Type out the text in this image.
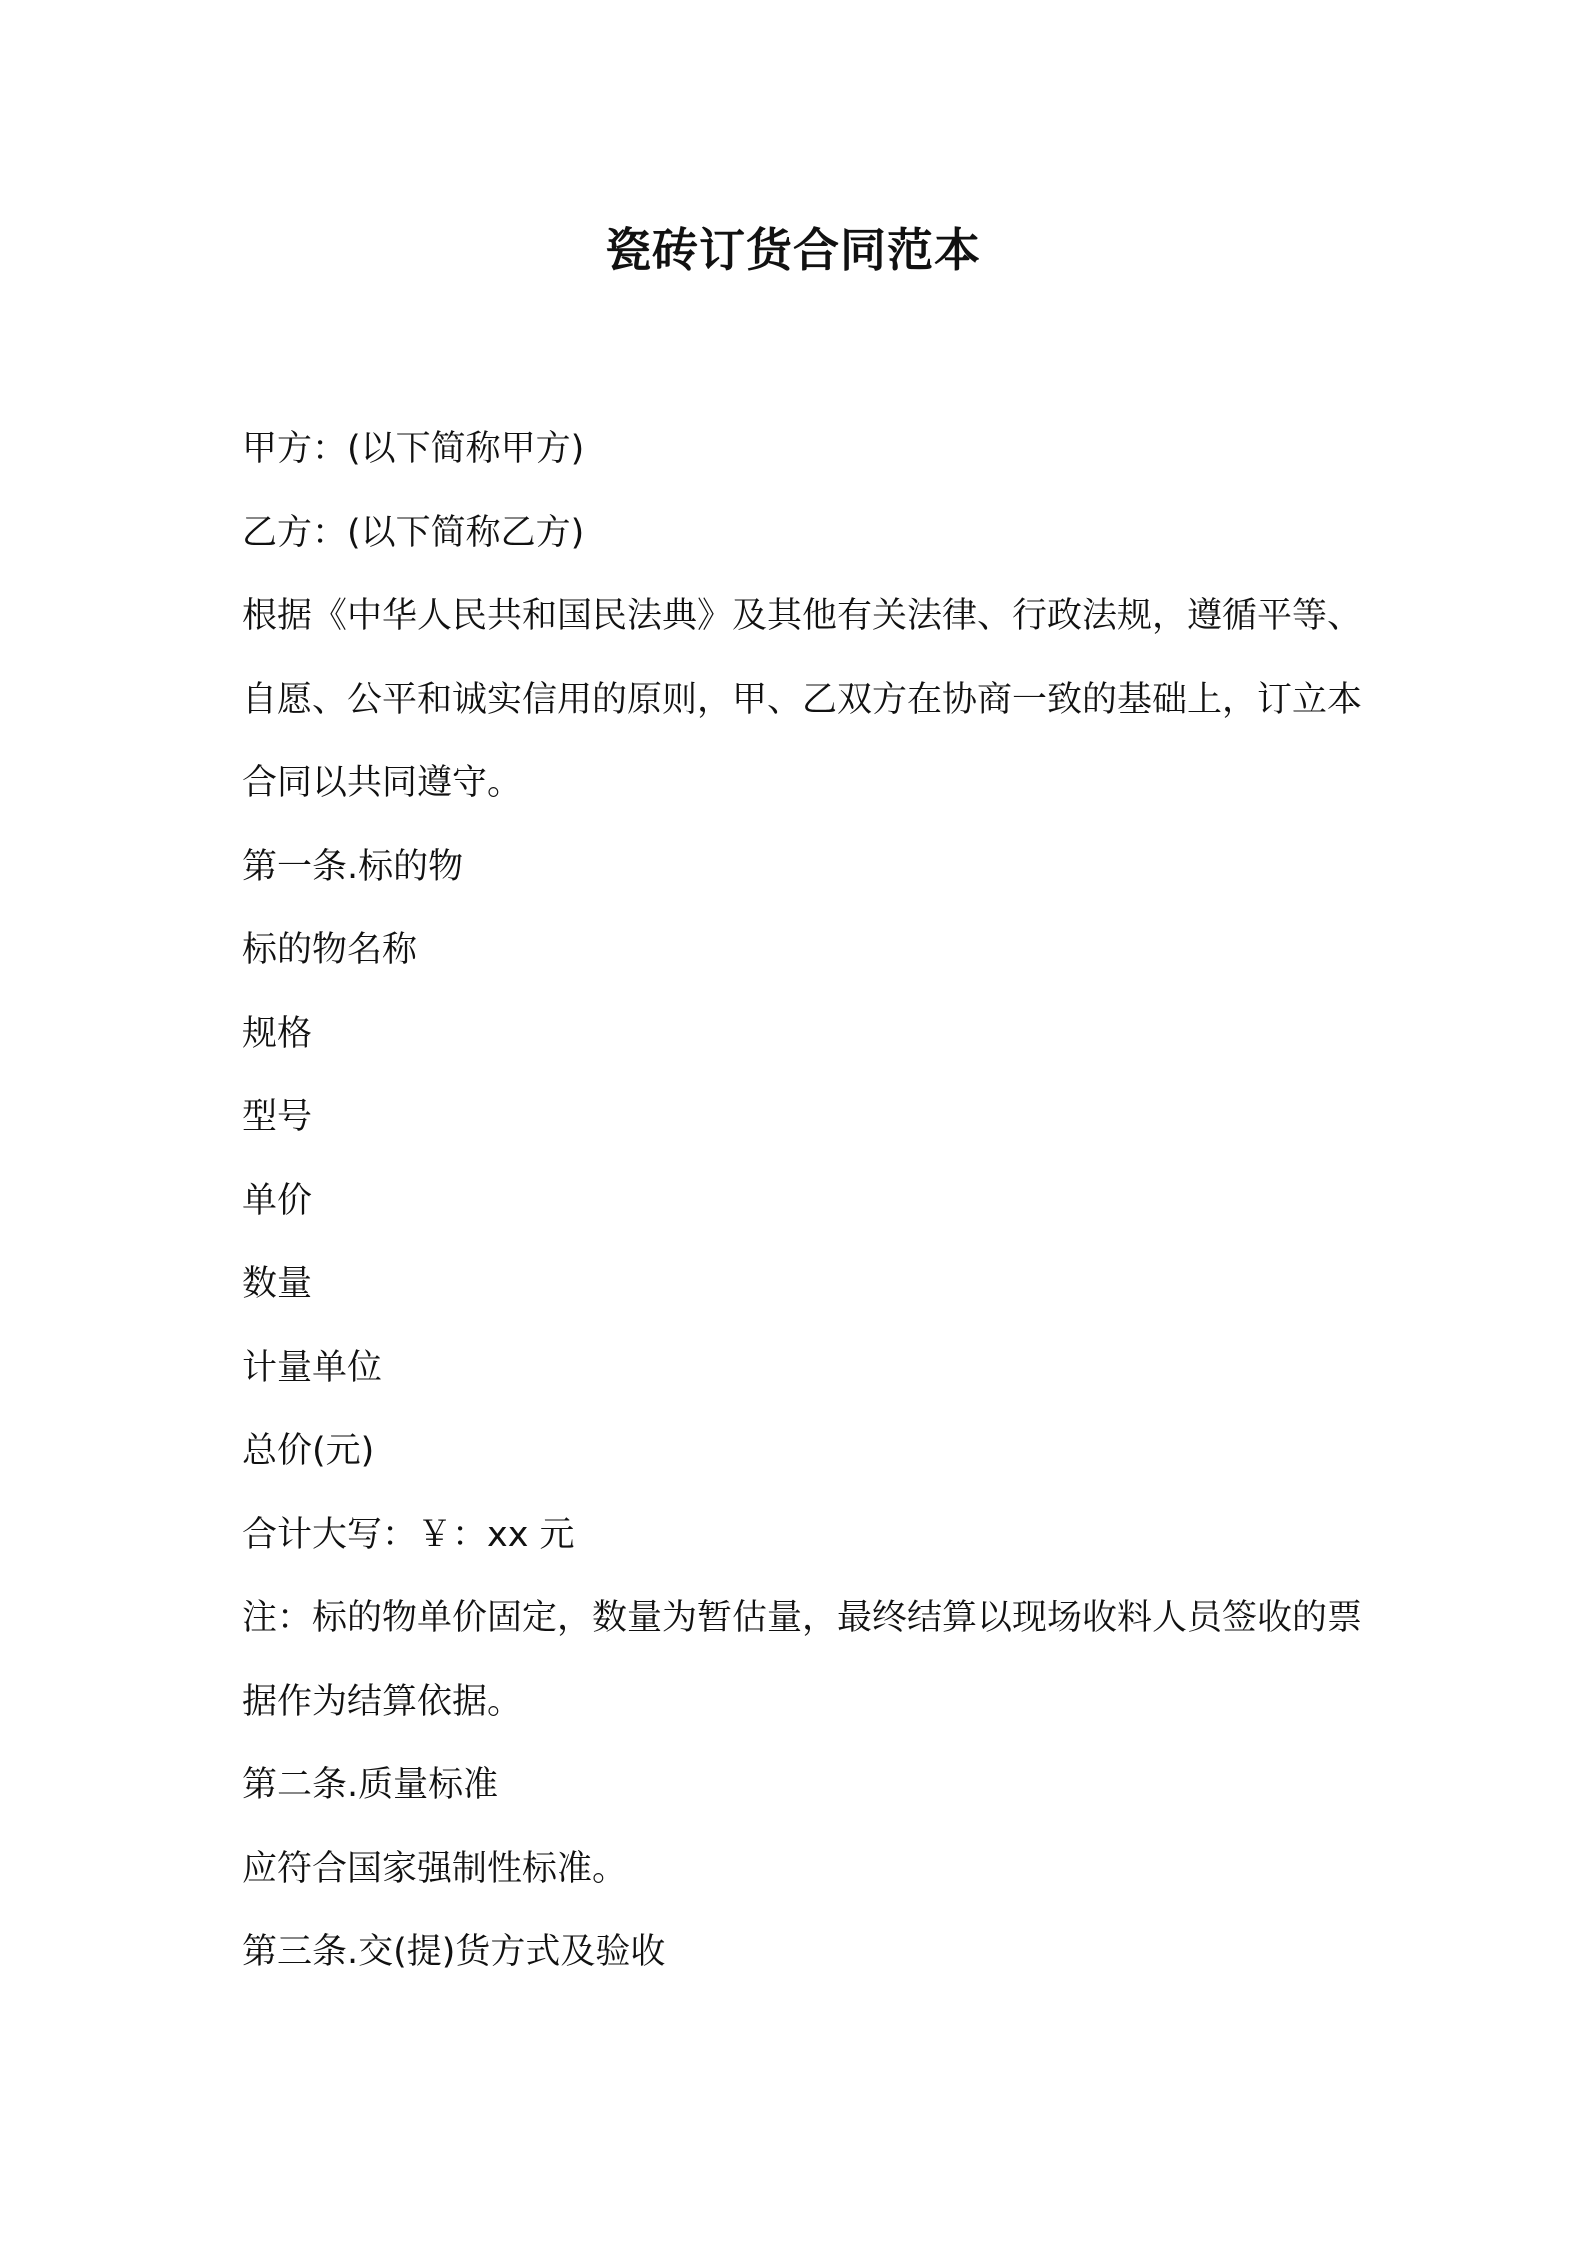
瓷砖订货合同范本

甲方：(以下简称甲方)

乙方：(以下简称乙方)

根据《中华人民共和国民法典》及其他有关法律、行政法规，遵循平等、自愿、公平和诚实信用的原则，甲、乙双方在协商一致的基础上，订立本合同以共同遵守。

第一条.标的物

标的物名称

规格

型号

单价

数量

计量单位

总价(元)

合计大写：￥：xx 元

注：标的物单价固定，数量为暂估量，最终结算以现场收料人员签收的票据作为结算依据。

第二条.质量标准

应符合国家强制性标准。

第三条.交(提)货方式及验收
